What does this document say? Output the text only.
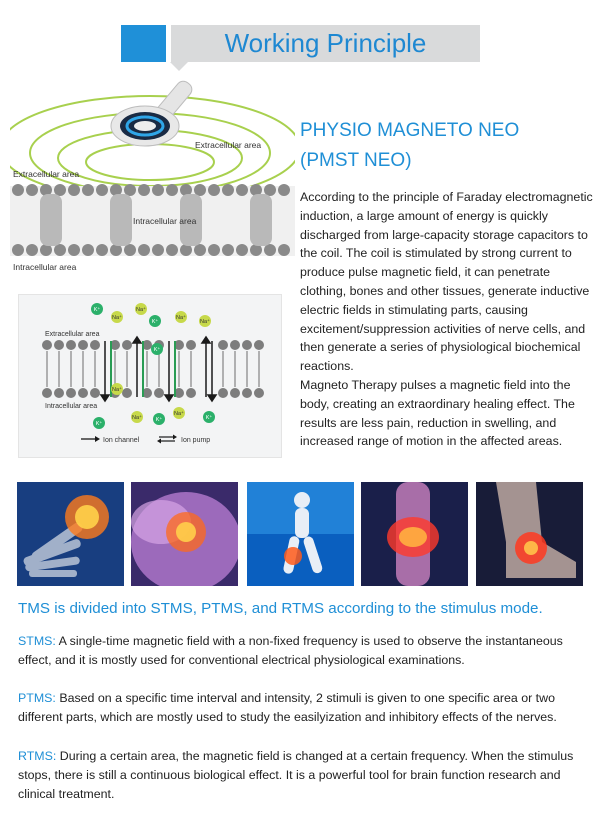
Working Principle
Extracellular area
Extracellular area
Intracellular area
Intracellular area
PHYSIO MAGNETO NEO
(PMST NEO)

According to the principle of Faraday electromagnetic induction, a large amount of energy is quickly discharged from large-capacity storage capacitors to the coil. The coil is stimulated by strong current to produce pulse magnetic field, it can penetrate clothing, bones and other tissues, generate inductive electric fields in stimulating parts, causing excitement/suppression activities of nerve cells, and then generate a series of physiological biochemical reactions.

Magneto Therapy pulses a magnetic field into the body, creating an extraordinary healing effect. The results are less pain, reduction in swelling, and increased range of motion in the affected areas.

Extracellular area
Intracellular area
K⁺
Na⁺
Na⁺
K⁺
Na⁺
Na⁺
K⁺
Na⁺
K⁺
Na⁺ K⁺
Na⁺
K⁺
Ion channel	Ion pump
TMS is divided into STMS, PTMS, and RTMS according to the stimulus mode.
STMS: A single-time magnetic field with a non-fixed frequency is used to observe the instantaneous effect, and it is mostly used for conventional electrical physiological examinations.
PTMS: Based on a specific time interval and intensity, 2 stimuli is given to one specific area or two different parts, which are mostly used to study the easilyization and inhibitory effects of the nerves.
RTMS: During a certain area, the magnetic field is changed at a certain frequency. When the stimulus stops, there is still a continuous biological effect. It is a powerful tool for brain function research and clinical treatment.
